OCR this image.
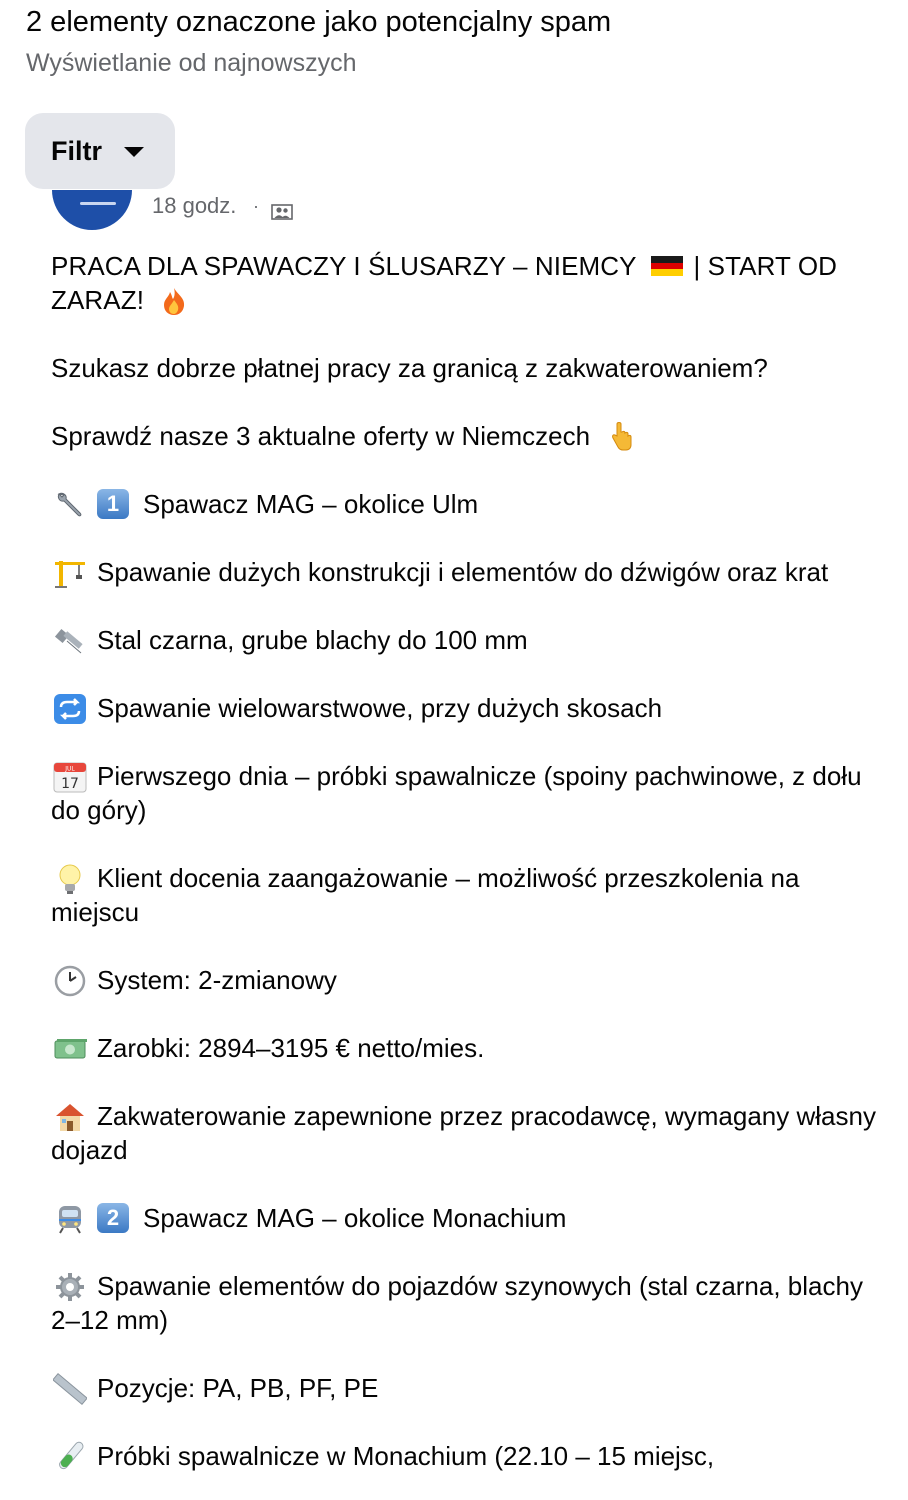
2 elementy oznaczone jako potencjalny spam
Wyświetlanie od najnowszych
Filtr
18 godz. ·

PRACA DLA SPAWACZY I ŚLUSARZY – NIEMCY | START OD ZARAZ!

Szukasz dobrze płatnej pracy za granicą z zakwaterowaniem?

Sprawdź nasze 3 aktualne oferty w Niemczech

1 Spawacz MAG – okolice Ulm

Spawanie dużych konstrukcji i elementów do dźwigów oraz krat

Stal czarna, grube blachy do 100 mm

Spawanie wielowarstwowe, przy dużych skosach

17
JUL Pierwszego dnia – próbki spawalnicze (spoiny pachwinowe, z dołu do góry)

Klient docenia zaangażowanie – możliwość przeszkolenia na miejscu

System: 2-zmianowy

Zarobki: 2894–3195 € netto/mies.

Zakwaterowanie zapewnione przez pracodawcę, wymagany własny dojazd

2 Spawacz MAG – okolice Monachium

Spawanie elementów do pojazdów szynowych (stal czarna, blachy 2–12 mm)

Pozycje: PA, PB, PF, PE

Próbki spawalnicze w Monachium (22.10 – 15 miejsc,
